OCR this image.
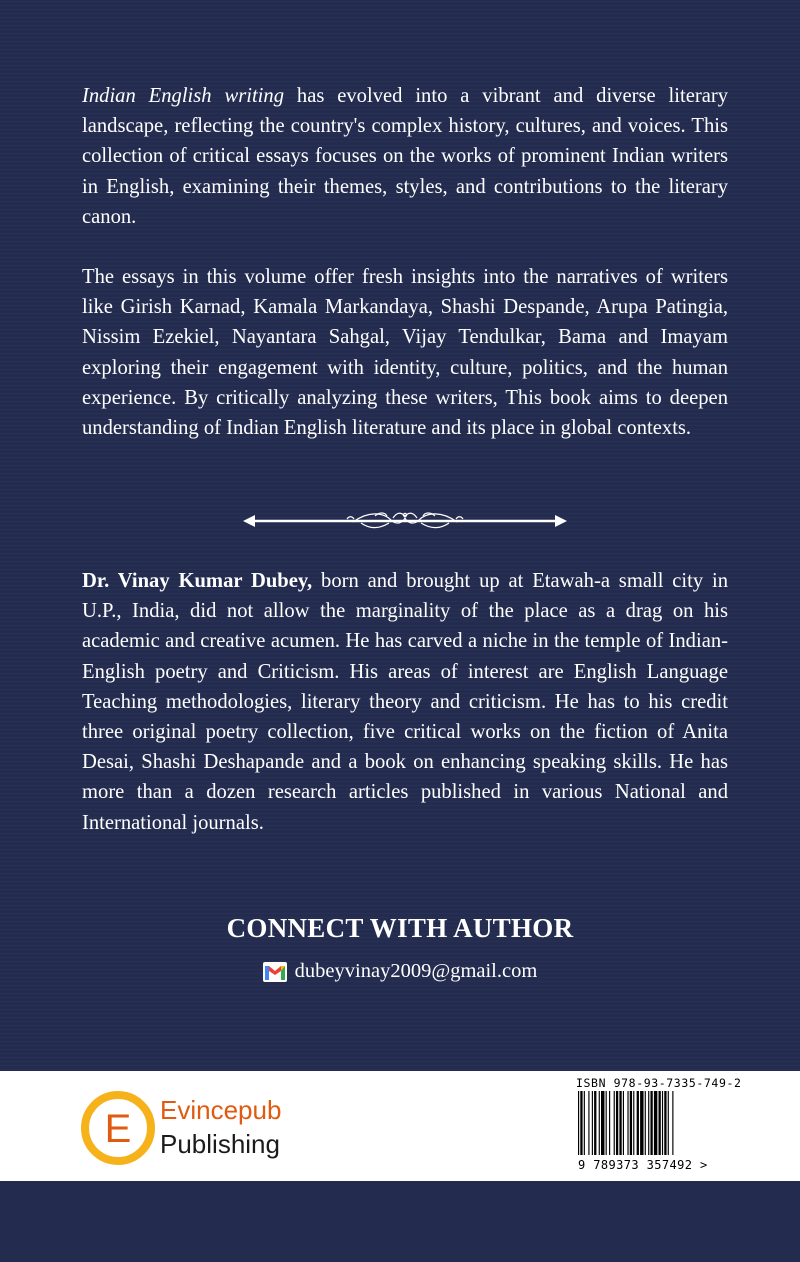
Indian English writing has evolved into a vibrant and diverse literary landscape, reflecting the country's complex history, cultures, and voices. This collection of critical essays focuses on the works of prominent Indian writers in English, examining their themes, styles, and contributions to the literary canon.

The essays in this volume offer fresh insights into the narratives of writers like Girish Karnad, Kamala Markandaya, Shashi Despande, Arupa Patingia, Nissim Ezekiel, Nayantara Sahgal, Vijay Tendulkar, Bama and Imayam exploring their engagement with identity, culture, politics, and the human experience. By critically analyzing these writers, This book aims to deepen understanding of Indian English literature and its place in global contexts.

Dr. Vinay Kumar Dubey, born and brought up at Etawah-a small city in U.P., India, did not allow the marginality of the place as a drag on his academic and creative acumen. He has carved a niche in the temple of Indian-English poetry and Criticism. His areas of interest are English Language Teaching methodologies, literary theory and criticism. He has to his credit three original poetry collection, five critical works on the fiction of Anita Desai, Shashi Deshapande and a book on enhancing speaking skills. He has more than a dozen research articles published in various National and International journals.

CONNECT WITH AUTHOR
dubeyvinay2009@gmail.com
E Evincepub
Publishing
ISBN 978-93-7335-749-2
9 789373 357492 >
